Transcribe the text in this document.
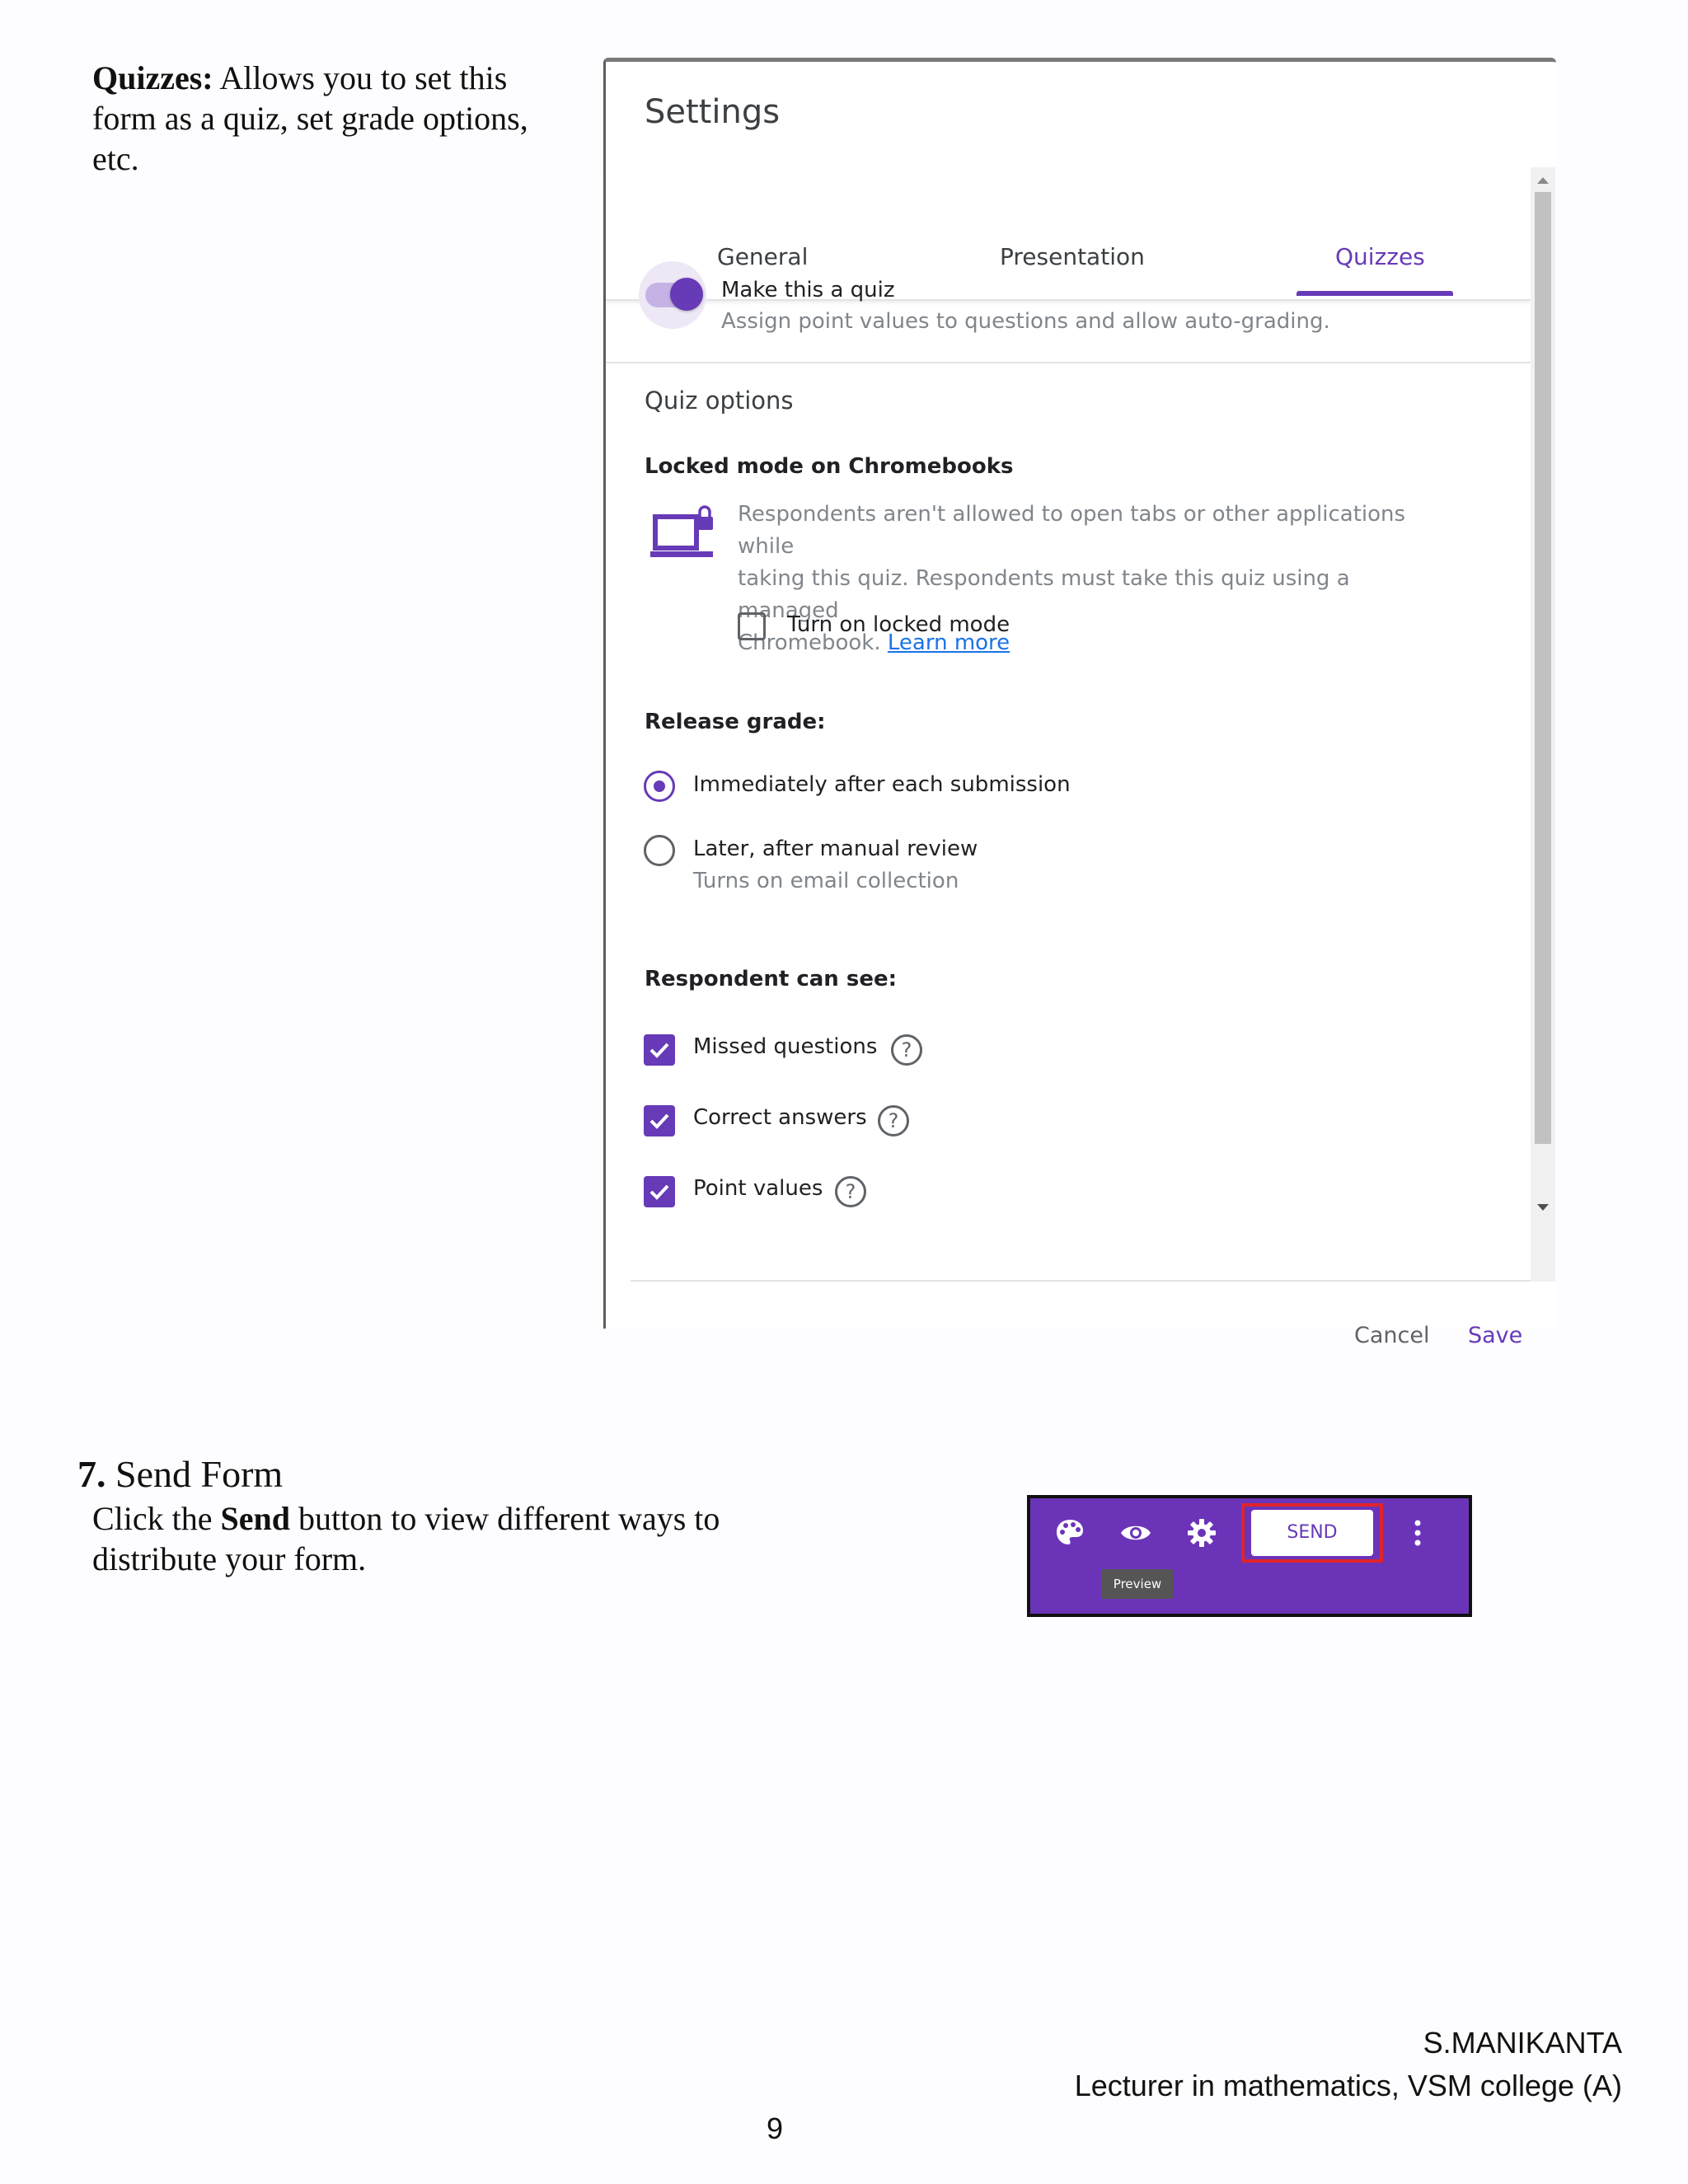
Quizzes: Allows you to set this
form as a quiz, set grade options,
etc.
Settings
General	Presentation	Quizzes
Make this a quiz
Assign point values to questions and allow auto-grading.
Quiz options
Locked mode on Chromebooks
Respondents aren't allowed to open tabs or other applications while
taking this quiz. Respondents must take this quiz using a managed
Chromebook. Learn more
Turn on locked mode
Release grade:
Immediately after each submission
Later, after manual review
Turns on email collection
Respondent can see:
Missed questions	?
Correct answers	?
Point values	?
Cancel Save
7. Send Form
Click the Send button to view different ways to
distribute your form.
SEND
Preview
S.MANIKANTA
Lecturer in mathematics, VSM college (A)
9
